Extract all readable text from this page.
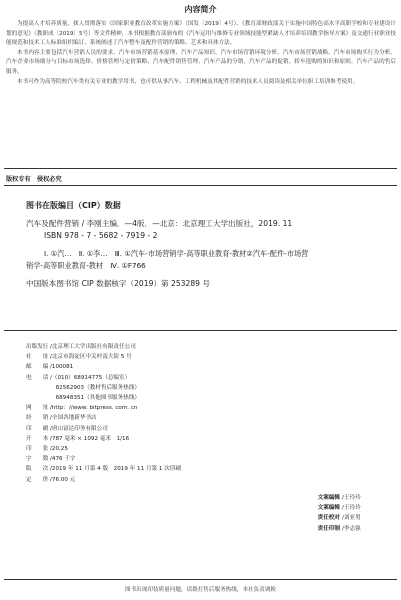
内容简介

为提高人才培养质量，探人贯彻落实《国家职业教育改革实施方案》（国发〔2019〕4号）、《教育部财政部关于实施中国特色高水平高职学校和专业建设计划的意见》（教职成〔2019〕5号）等文件精神，本书根据教育部颁布的《汽车运用与维修专业领域技能型紧缺人才培养培训教学指导方案》及交通行业职业技能规范和技术工人标准组织编订，系统阐述了汽车整车及配件营销的策略、艺术和具体方法。

本书内容主要包括汽车营销人员的要求、汽车市场营销基本原理、汽车产品知识、汽车市场营销环境分析、汽车市场营销战略、汽车市场购买行为分析、汽车企业市场细分与目标市场选择、价格管理与定价策略、汽车配件销售管理、汽车产品的分销、汽车产品的促销、轿车选购的知识和原则、汽车产品的售后服务。

本书可作为高等院校汽车类有关专业的教学用书，也可供从事汽车、工程机械及其配件营销的技术人员阅读及相关单位职工培训参考使用。

版权专有　侵权必究
图书在版编目（CIP）数据
汽车及配件营销 / 李刚主编．—4版．—北京：北京理工大学出版社，2019. 11
ISBN 978 - 7 - 5682 - 7919 - 2
Ⅰ. ①汽…　Ⅱ. ①李…　Ⅲ. ①汽车-市场营销学-高等职业教育-教材②汽车-配件-市场营
销学-高等职业教育-教材　Ⅳ. ①F766
中国版本图书馆 CIP 数据核字（2019）第 253289 号
出版发行 /北京理工大学出版社有限责任公司
社　　址 /北京市海淀区中关村南大街 5 号
邮　　编 /100081
电　　话 /（010）68914775（总编室）
　82562903（教材售后服务热线）
　68948351（其他图书服务热线）
网　　址 /http：//www. bitpress. com. cn
经　　销 /全国各地新华书店
印　　刷 /唐山富达印务有限公司
开　　本 /787 毫米 × 1092 毫米　1/16
印　　张 /20.25
字　　数 /476 千字
版　　次 /2019 年 11 月第 4 版　2019 年 11 月第 1 次印刷
定　　价 /76.00 元
文案编辑 /王玲玲
文案编辑 /王玲玲
责任校对 /刘亚男
责任印制 /李志强
图书出现印装质量问题，请拨打售后服务热线，本社负责调换
